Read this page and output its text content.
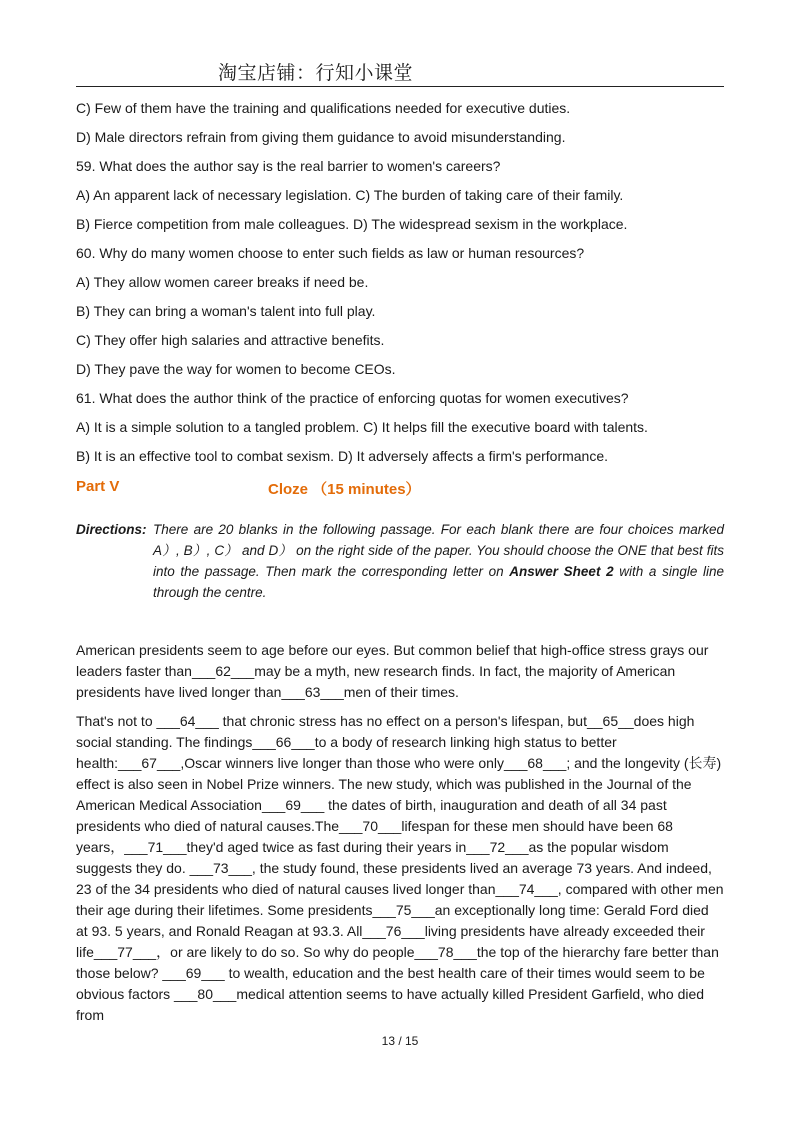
淘宝店铺：行知小课堂
C) Few of them have the training and qualifications needed for executive duties.
D) Male directors refrain from giving them guidance to avoid misunderstanding.
59. What does the author say is the real barrier to women's careers?
A) An apparent lack of necessary legislation. C) The burden of taking care of their family.
B) Fierce competition from male colleagues. D) The widespread sexism in the workplace.
60. Why do many women choose to enter such fields as law or human resources?
A) They allow women career breaks if need be.
B) They can bring a woman's talent into full play.
C) They offer high salaries and attractive benefits.
D) They pave the way for women to become CEOs.
61. What does the author think of the practice of enforcing quotas for women executives?
A) It is a simple solution to a tangled problem. C) It helps fill the executive board with talents.
B) It is an effective tool to combat sexism. D) It adversely affects a firm's performance.
Part V	Cloze （15 minutes）
Directions: There are 20 blanks in the following passage. For each blank there are four choices marked A）, B）, C） and D） on the right side of the paper. You should choose the ONE that best fits into the passage. Then mark the corresponding letter on Answer Sheet 2 with a single line through the centre.

American presidents seem to age before our eyes. But common belief that high-office stress grays our leaders faster than___62___may be a myth, new research finds. In fact, the majority of American presidents have lived longer than___63___men of their times.

That's not to ___64___ that chronic stress has no effect on a person's lifespan, but__65__does high social standing. The findings___66___to a body of research linking high status to better health:___67___,Oscar winners live longer than those who were only___68___; and the longevity (长寿) effect is also seen in Nobel Prize winners. The new study, which was published in the Journal of the American Medical Association___69___ the dates of birth, inauguration and death of all 34 past presidents who died of natural causes.The___70___lifespan for these men should have been 68 years，___71___they'd aged twice as fast during their years in___72___as the popular wisdom suggests they do. ___73___, the study found, these presidents lived an average 73 years. And indeed, 23 of the 34 presidents who died of natural causes lived longer than___74___, compared with other men their age during their lifetimes. Some presidents___75___an exceptionally long time: Gerald Ford died at 93. 5 years, and Ronald Reagan at 93.3. All___76___living presidents have already exceeded their life___77___，or are likely to do so. So why do people___78___the top of the hierarchy fare better than those below? ___69___ to wealth, education and the best health care of their times would seem to be obvious factors ___80___medical attention seems to have actually killed President Garfield, who died from

13 / 15
